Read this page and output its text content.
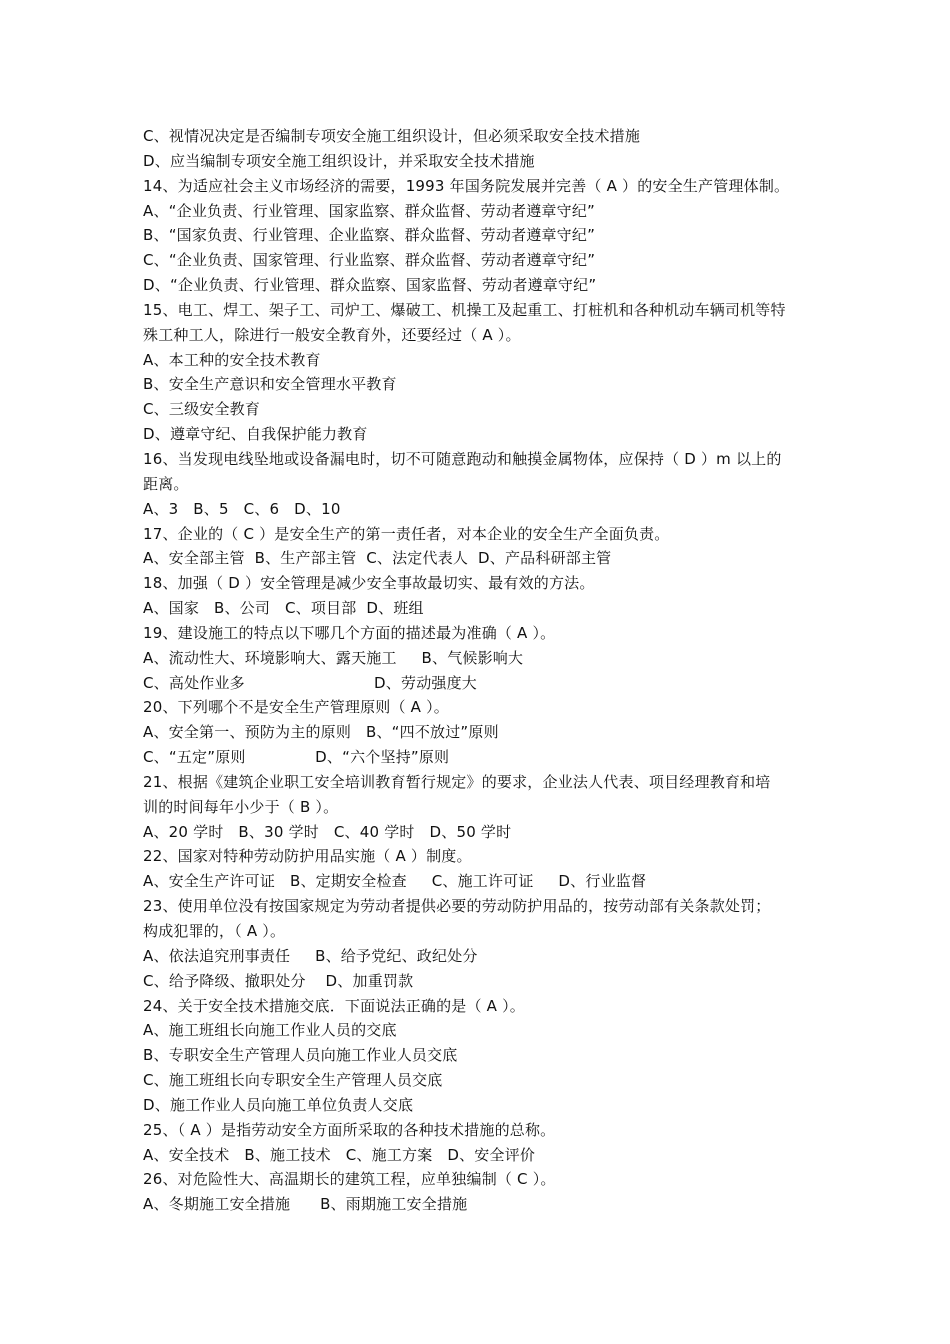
C、视情况决定是否编制专项安全施工组织设计，但必须采取安全技术措施
D、应当编制专项安全施工组织设计，并采取安全技术措施
14、为适应社会主义市场经济的需要，1993 年国务院发展并完善（ A ）的安全生产管理体制。
A、“企业负责、行业管理、国家监察、群众监督、劳动者遵章守纪”
B、“国家负责、行业管理、企业监察、群众监督、劳动者遵章守纪”
C、“企业负责、国家管理、行业监察、群众监督、劳动者遵章守纪”
D、“企业负责、行业管理、群众监察、国家监督、劳动者遵章守纪”
15、电工、焊工、架子工、司炉工、爆破工、机操工及起重工、打桩机和各种机动车辆司机等特
殊工种工人，除进行一般安全教育外，还要经过（ A ）。
A、本工种的安全技术教育
B、安全生产意识和安全管理水平教育
C、三级安全教育
D、遵章守纪、自我保护能力教育
16、当发现电线坠地或设备漏电时，切不可随意跑动和触摸金属物体，应保持（ D ）m 以上的
距离。
A、3   B、5   C、6   D、10
17、企业的（ C ）是安全生产的第一责任者，对本企业的安全生产全面负责。
A、安全部主管  B、生产部主管  C、法定代表人  D、产品科研部主管
18、加强（ D ）安全管理是减少安全事故最切实、最有效的方法。
A、国家   B、公司   C、项目部  D、班组
19、建设施工的特点以下哪几个方面的描述最为准确（ A ）。
A、流动性大、环境影响大、露天施工     B、气候影响大
C、高处作业多                          D、劳动强度大
20、下列哪个不是安全生产管理原则（ A ）。
A、安全第一、预防为主的原则   B、“四不放过”原则
C、“五定”原则              D、“六个坚持”原则
21、根据《建筑企业职工安全培训教育暂行规定》的要求，企业法人代表、项目经理教育和培
训的时间每年小少于（ B ）。
A、20 学时   B、30 学时   C、40 学时   D、50 学时
22、国家对特种劳动防护用品实施（ A ）制度。
A、安全生产许可证   B、定期安全检查     C、施工许可证     D、行业监督
23、使用单位没有按国家规定为劳动者提供必要的劳动防护用品的，按劳动部有关条款处罚；
构成犯罪的，（ A ）。
A、依法追究刑事责任     B、给予党纪、政纪处分
C、给予降级、撤职处分    D、加重罚款
24、关于安全技术措施交底．下面说法正确的是（ A ）。
A、施工班组长向施工作业人员的交底
B、专职安全生产管理人员向施工作业人员交底
C、施工班组长向专职安全生产管理人员交底
D、施工作业人员向施工单位负责人交底
25、（ A ）是指劳动安全方面所采取的各种技术措施的总称。
A、安全技术   B、施工技术   C、施工方案   D、安全评价
26、对危险性大、高温期长的建筑工程，应单独编制（ C ）。
A、冬期施工安全措施      B、雨期施工安全措施
